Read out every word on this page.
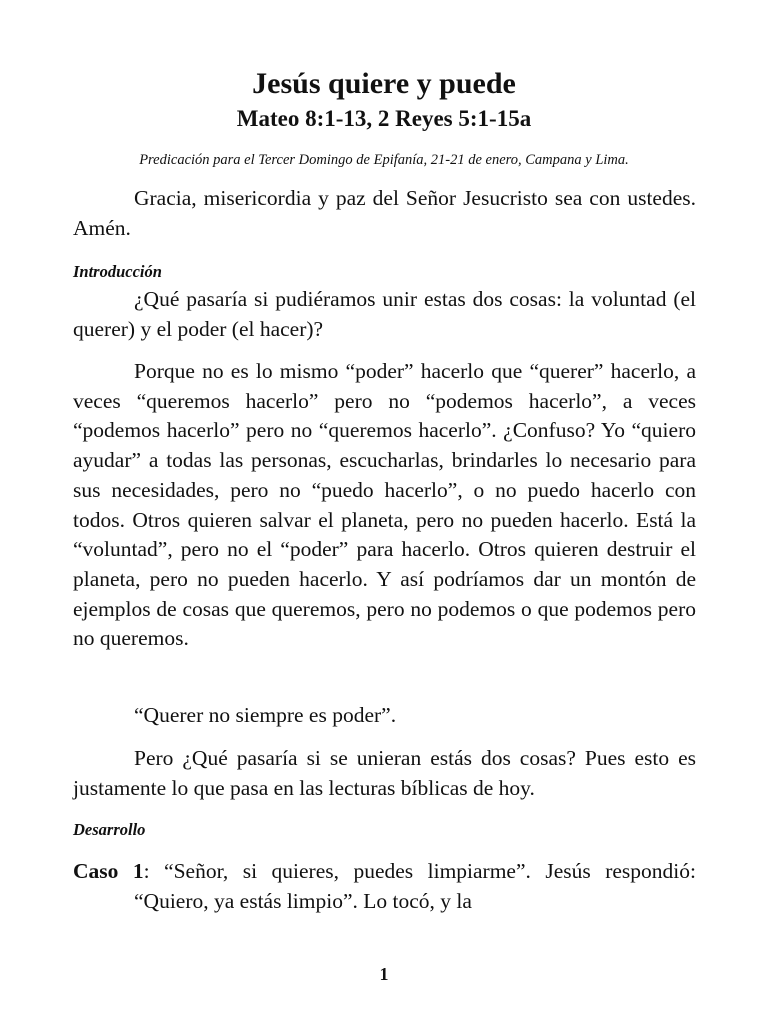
Jesús quiere y puede
Mateo 8:1-13, 2 Reyes 5:1-15a
Predicación para el Tercer Domingo de Epifanía, 21-21 de enero, Campana y Lima.

Gracia, misericordia y paz del Señor Jesucristo sea con ustedes. Amén.

Introducción

¿Qué pasaría si pudiéramos unir estas dos cosas: la voluntad (el querer) y el poder (el hacer)?

Porque no es lo mismo “poder” hacerlo que “querer” hacerlo, a veces “queremos hacerlo” pero no “podemos hacerlo”, a veces “podemos hacerlo” pero no “queremos hacerlo”. ¿Confuso? Yo “quiero ayudar” a todas las personas, escucharlas, brindarles lo necesario para sus necesidades, pero no “puedo hacerlo”, o no puedo hacerlo con todos. Otros quieren salvar el planeta, pero no pueden hacerlo. Está la “voluntad”, pero no el “poder” para hacerlo. Otros quieren destruir el planeta, pero no pueden hacerlo. Y así podríamos dar un montón de ejemplos de cosas que queremos, pero no podemos o que podemos pero no queremos.

“Querer no siempre es poder”.

Pero ¿Qué pasaría si se unieran estás dos cosas? Pues esto es justamente lo que pasa en las lecturas bíblicas de hoy.

Desarrollo

Caso 1: “Señor, si quieres, puedes limpiarme”. Jesús respondió: “Quiero, ya estás limpio”. Lo tocó, y la

1
